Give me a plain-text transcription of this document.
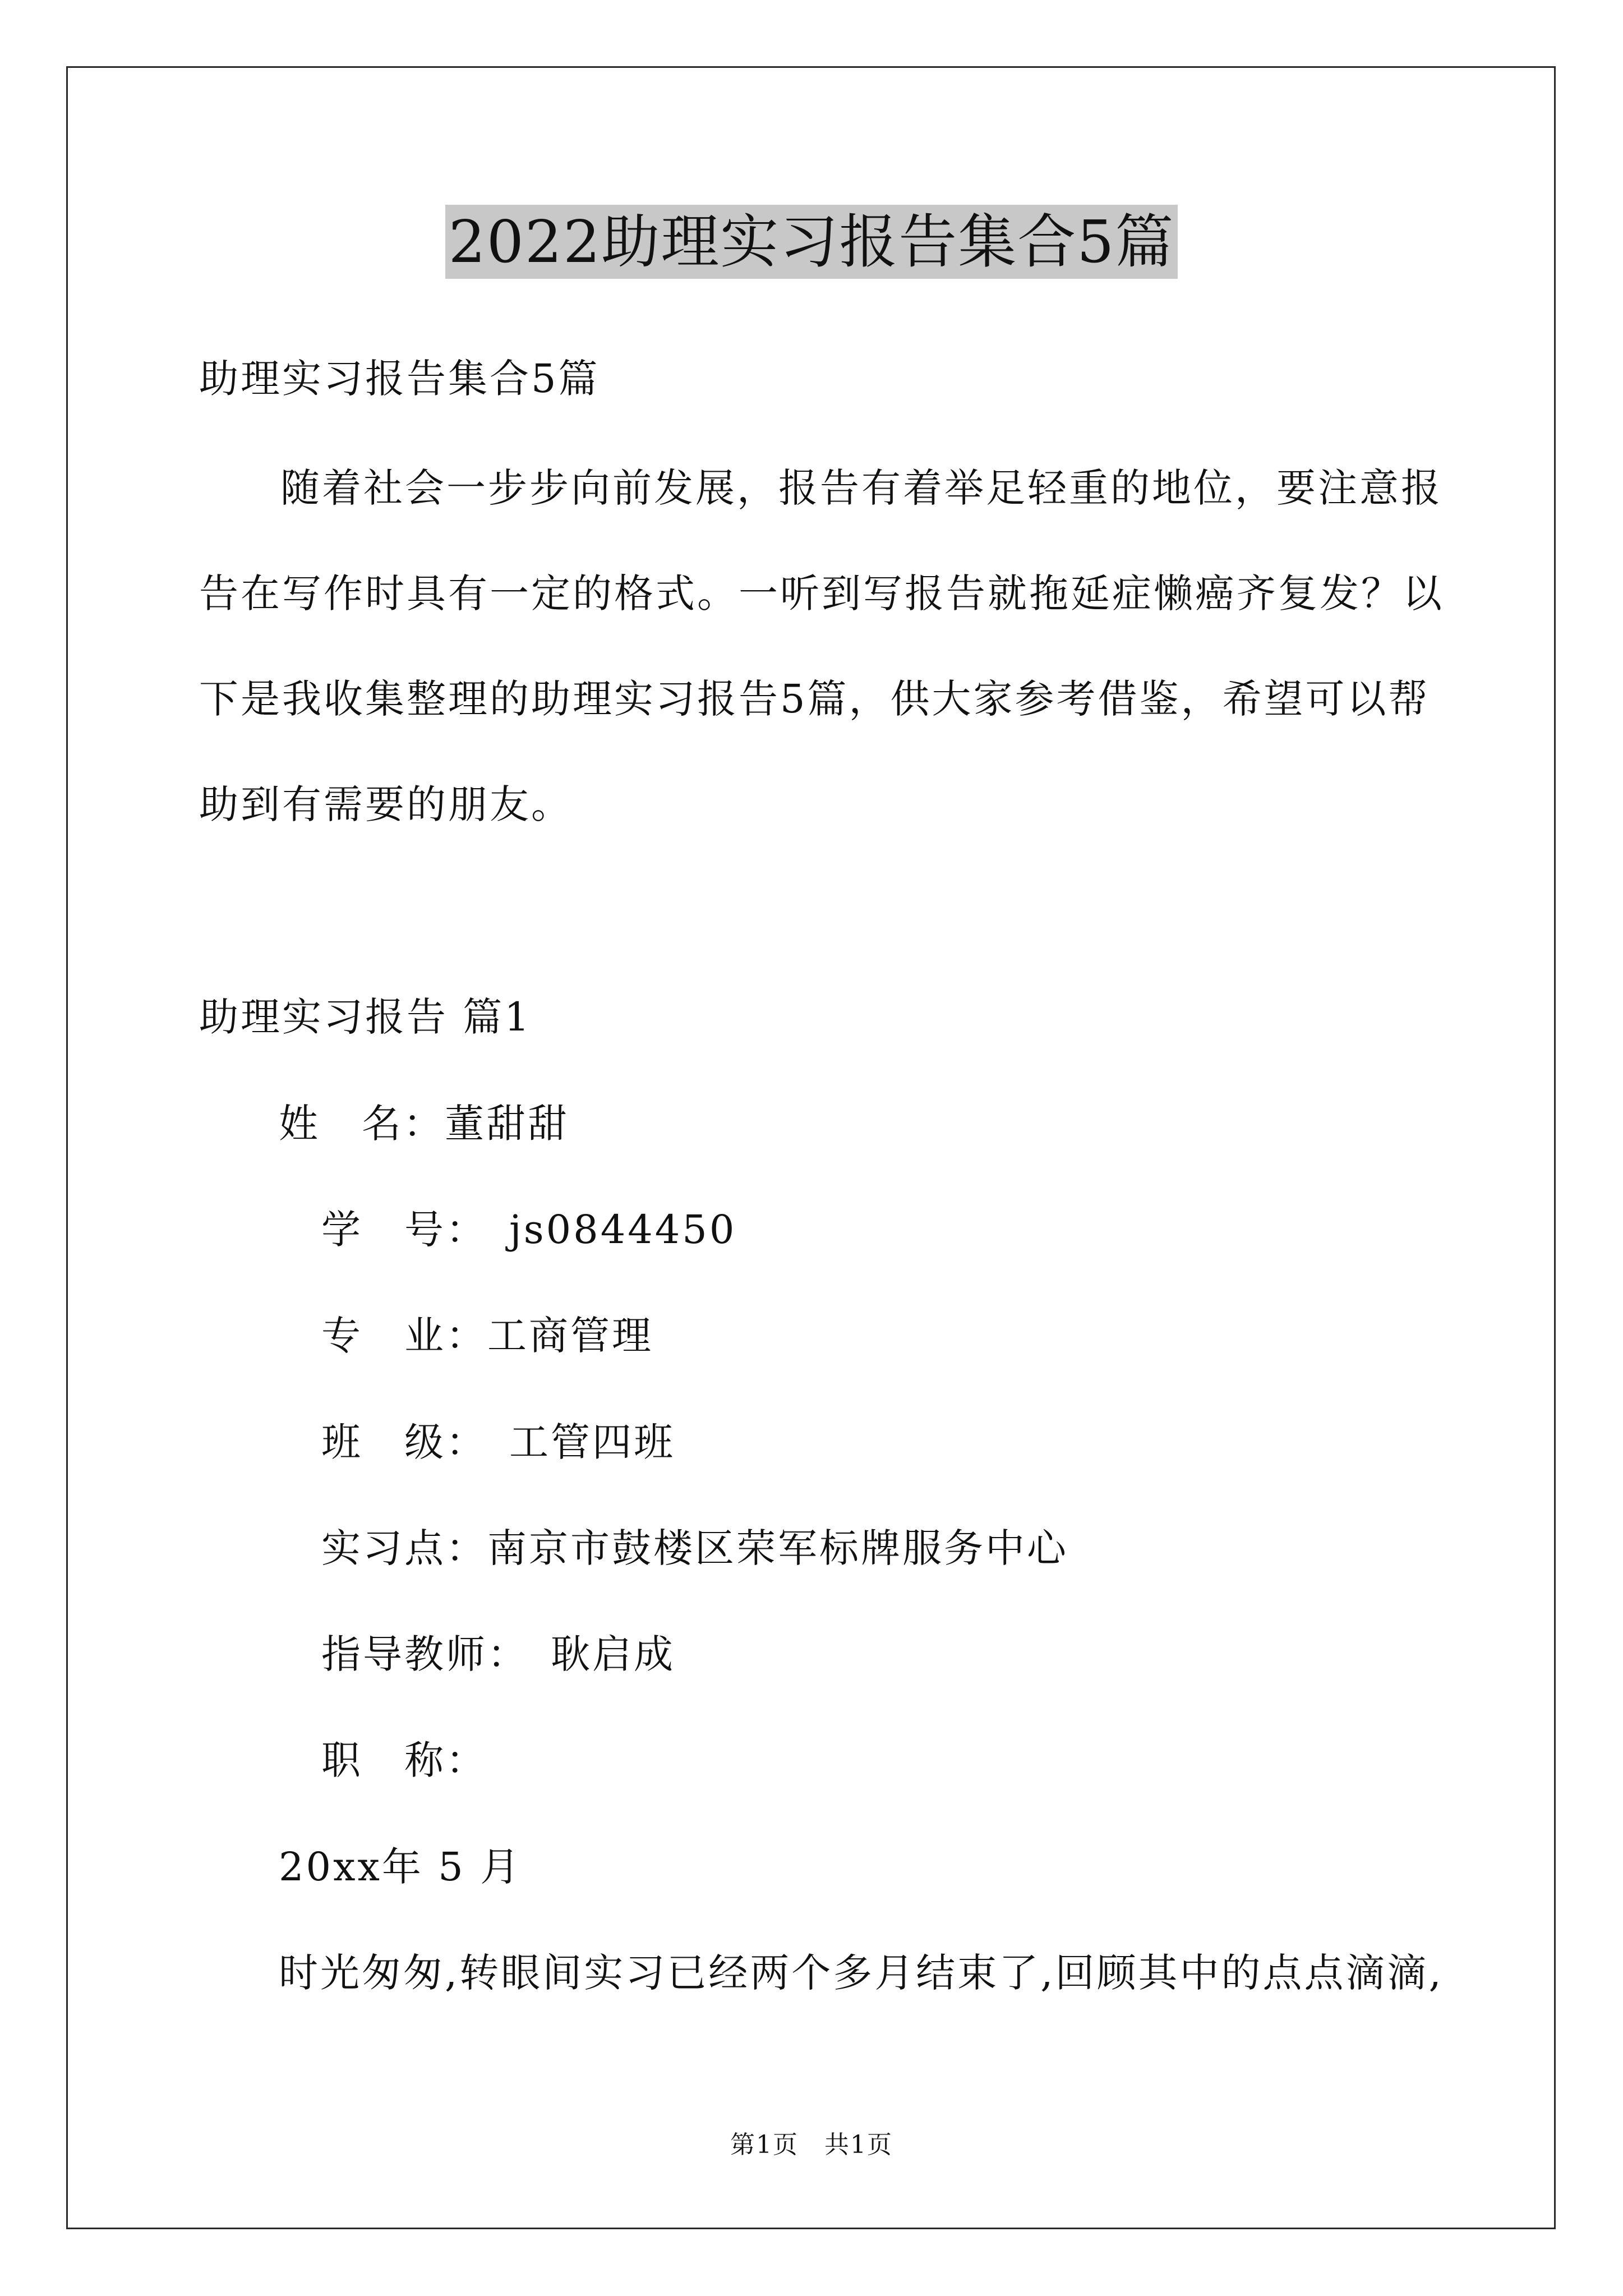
2022助理实习报告集合5篇
助理实习报告集合5篇
随着社会一步步向前发展，报告有着举足轻重的地位，要注意报
告在写作时具有一定的格式。一听到写报告就拖延症懒癌齐复发？以
下是我收集整理的助理实习报告5篇，供大家参考借鉴，希望可以帮
助到有需要的朋友。
助理实习报告 篇1
姓　名：董甜甜
学　号：　js0844450
专　业：工商管理
班　级：　工管四班
实习点：南京市鼓楼区荣军标牌服务中心
指导教师：　耿启成
职　称：
20xx年 5 月
时光匆匆,转眼间实习已经两个多月结束了,回顾其中的点点滴滴,
第1页　共1页
